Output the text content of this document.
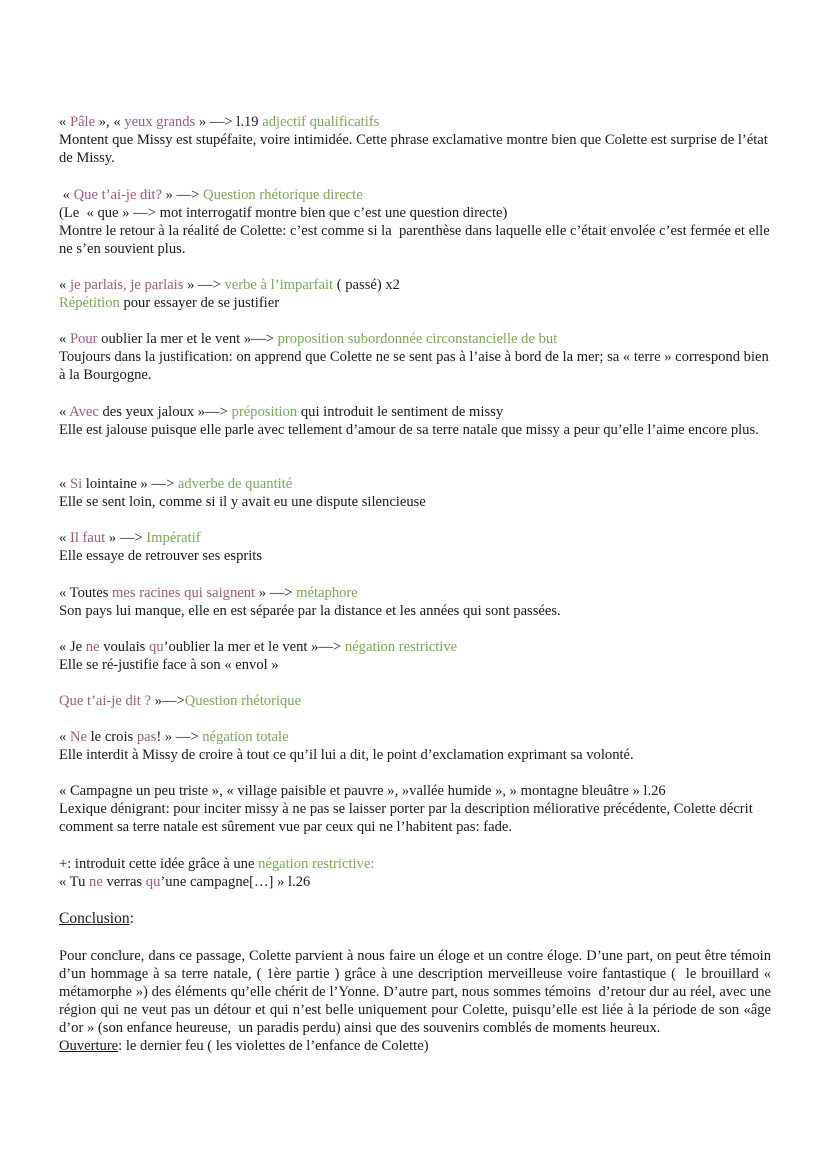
« Pâle », « yeux grands » —> l.19 adjectif qualificatifs

Montent que Missy est stupéfaite, voire intimidée. Cette phrase exclamative montre bien que Colette est surprise de l’état de Missy.

« Que t’ai-je dit? » —> Question rhétorique directe

(Le  « que » —> mot interrogatif montre bien que c’est une question directe)

Montre le retour à la réalité de Colette: c’est comme si la  parenthèse dans laquelle elle c’était envolée c’est fermée et elle ne s’en souvient plus.

« je parlais, je parlais » —> verbe à l’imparfait ( passé) x2

Répétition pour essayer de se justifier

« Pour oublier la mer et le vent »—> proposition subordonnée circonstancielle de but

Toujours dans la justification: on apprend que Colette ne se sent pas à l’aise à bord de la mer; sa « terre » correspond bien à la Bourgogne.

« Avec des yeux jaloux »—> préposition qui introduit le sentiment de missy

Elle est jalouse puisque elle parle avec tellement d’amour de sa terre natale que missy a peur qu’elle l’aime encore plus.

« Si lointaine » —> adverbe de quantité

Elle se sent loin, comme si il y avait eu une dispute silencieuse

« Il faut » —> Impératif

Elle essaye de retrouver ses esprits

« Toutes mes racines qui saignent » —> métaphore

Son pays lui manque, elle en est séparée par la distance et les années qui sont passées.

« Je ne voulais qu’oublier la mer et le vent »—> négation restrictive

Elle se ré-justifie face à son « envol »

Que t’ai-je dit ? »—>Question rhétorique

« Ne le crois pas! » —> négation totale

Elle interdit à Missy de croire à tout ce qu’il lui a dit, le point d’exclamation exprimant sa volonté.

« Campagne un peu triste », « village paisible et pauvre », »vallée humide », » montagne bleuâtre » l.26

Lexique dénigrant: pour inciter missy à ne pas se laisser porter par la description méliorative précédente, Colette décrit comment sa terre natale est sûrement vue par ceux qui ne l’habitent pas: fade.

+: introduit cette idée grâce à une négation restrictive:

« Tu ne verras qu’une campagne[…] » l.26

Conclusion:

Pour conclure, dans ce passage, Colette parvient à nous faire un éloge et un contre éloge. D’une part, on peut être témoin d’un hommage à sa terre natale, ( 1ère partie ) grâce à une description merveilleuse voire fantastique (  le brouillard « métamorphe ») des éléments qu’elle chérit de l’Yonne. D’autre part, nous sommes témoins  d’retour dur au réel, avec une région qui ne veut pas un détour et qui n’est belle uniquement pour Colette, puisqu’elle est liée à la période de son «âge d’or » (son enfance heureuse,  un paradis perdu) ainsi que des souvenirs comblés de moments heureux.

Ouverture: le dernier feu ( les violettes de l’enfance de Colette)
